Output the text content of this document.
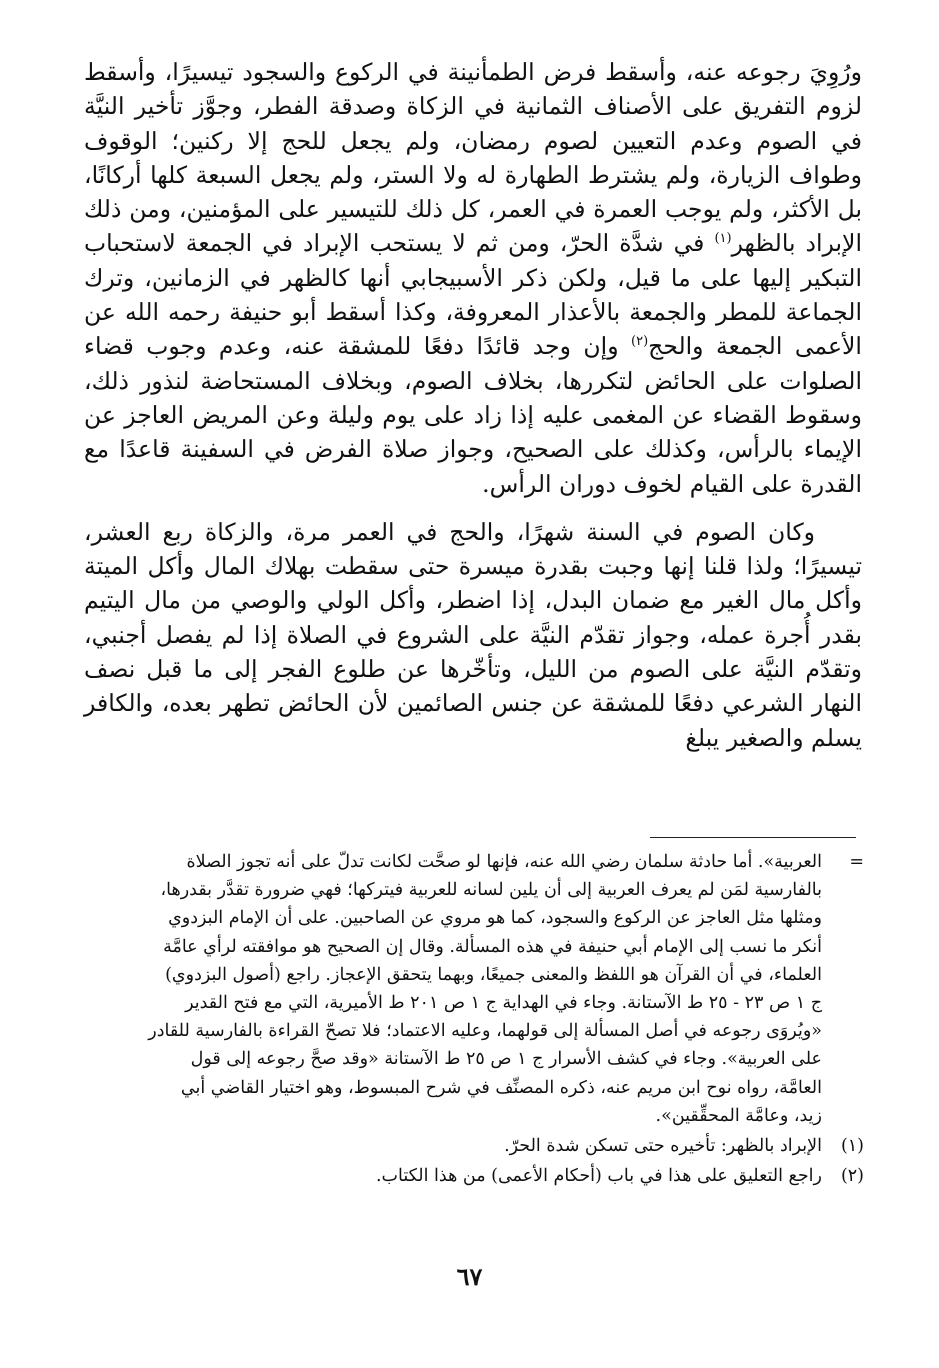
ورُوِيَ رجوعه عنه، وأسقط فرض الطمأنينة في الركوع والسجود تيسيرًا، وأسقط لزوم التفريق على الأصناف الثمانية في الزكاة وصدقة الفطر، وجوَّز تأخير النيَّة في الصوم وعدم التعيين لصوم رمضان، ولم يجعل للحج إلا ركنين؛ الوقوف وطواف الزيارة، ولم يشترط الطهارة له ولا الستر، ولم يجعل السبعة كلها أركانًا، بل الأكثر، ولم يوجب العمرة في العمر، كل ذلك للتيسير على المؤمنين، ومن ذلك الإبراد بالظهر$^{(١)}$ في شدَّة الحرّ، ومن ثم لا يستحب الإبراد في الجمعة لاستحباب التبكير إليها على ما قيل، ولكن ذكر الأسبيجابي أنها كالظهر في الزمانين، وترك الجماعة للمطر والجمعة بالأعذار المعروفة، وكذا أسقط أبو حنيفة رحمه الله عن الأعمى الجمعة والحج$^{(٢)}$ وإن وجد قائدًا دفعًا للمشقة عنه، وعدم وجوب قضاء الصلوات على الحائض لتكررها، بخلاف الصوم، وبخلاف المستحاضة لنذور ذلك، وسقوط القضاء عن المغمى عليه إذا زاد على يوم وليلة وعن المريض العاجز عن الإيماء بالرأس، وكذلك على الصحيح، وجواز صلاة الفرض في السفينة قاعدًا مع القدرة على القيام لخوف دوران الرأس.

  وكان الصوم في السنة شهرًا، والحج في العمر مرة، والزكاة ربع العشر، تيسيرًا؛ ولذا قلنا إنها وجبت بقدرة ميسرة حتى سقطت بهلاك المال وأكل الميتة وأكل مال الغير مع ضمان البدل، إذا اضطر، وأكل الولي والوصي من مال اليتيم بقدر أُجرة عمله، وجواز تقدّم النيَّة على الشروع في الصلاة إذا لم يفصل أجنبي، وتقدّم النيَّة على الصوم من الليل، وتأخّرها عن طلوع الفجر إلى ما قبل نصف النهار الشرعي دفعًا للمشقة عن جنس الصائمين لأن الحائض تطهر بعده، والكافر يسلم والصغير يبلغ

=
العربية». أما حادثة سلمان رضي الله عنه، فإنها لو صحَّت لكانت تدلّ على أنه تجوز الصلاة
بالفارسية لمَن لم يعرف العربية إلى أن يلين لسانه للعربية فيتركها؛ فهي ضرورة تقدَّر بقدرها،
ومثلها مثل العاجز عن الركوع والسجود، كما هو مروي عن الصاحبين. على أن الإمام البزدوي
أنكر ما نسب إلى الإمام أبي حنيفة في هذه المسألة. وقال إن الصحيح هو موافقته لرأي عامَّة
العلماء، في أن القرآن هو اللفظ والمعنى جميعًا، وبهما يتحقق الإعجاز. راجع (أصول البزدوي)
ج ١ ص ٢٣ - ٢٥ ط الآستانة. وجاء في الهداية ج ١ ص ٢٠١ ط الأميرية، التي مع فتح القدير
«ويُروَى رجوعه في أصل المسألة إلى قولهما، وعليه الاعتماد؛ فلا تصحّ القراءة بالفارسية للقادر
على العربية». وجاء في كشف الأسرار ج ١ ص ٢٥ ط الآستانة «وقد صحَّ رجوعه إلى قول
العامَّة، رواه نوح ابن مريم عنه، ذكره المصنِّف في شرح المبسوط، وهو اختيار القاضي أبي
زيد، وعامَّة المحقِّقين».
(١)
الإبراد بالظهر: تأخيره حتى تسكن شدة الحرّ.
(٢)
راجع التعليق على هذا في باب (أحكام الأعمى) من هذا الكتاب.
٦٧
